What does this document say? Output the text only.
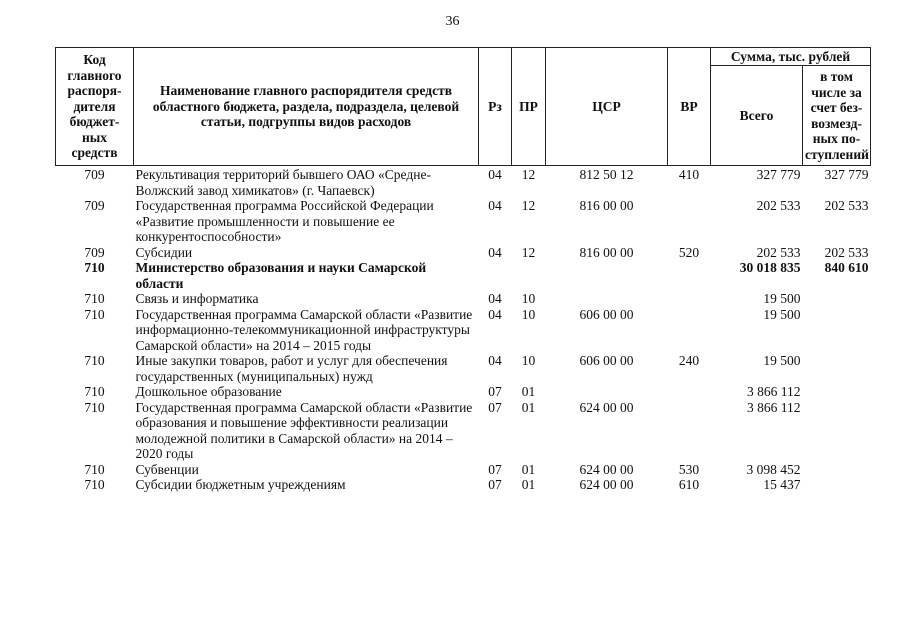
36
Код главного распоря-дителя бюджет-ных средств	Наименование главного распорядителя средств областного бюджета, раздела, подраздела, целевой статьи, подгруппы видов расходов	Рз	ПР	ЦСР	ВР	Сумма, тыс. рублей	
						Всего	в том числе за счет без-возмезд-ных по-ступлений
709	Рекультивация территорий бывшего ОАО «Средне-Волжский завод химикатов» (г. Чапаевск)	04	12	812 50 12	410	327 779	327 779
709	Государственная программа Российской Федерации «Развитие промышленности и повышение ее конкурентоспособности»	04	12	816 00 00		202 533	202 533
709	Субсидии	04	12	816 00 00	520	202 533	202 533
710	Министерство образования и науки Самарской области					30 018 835	840 610
710	Связь и информатика	04	10			19 500	
710	Государственная программа Самарской области «Развитие информационно-телекоммуникационной инфраструктуры Самарской области» на 2014 – 2015 годы	04	10	606 00 00		19 500	
710	Иные закупки товаров, работ и услуг для обеспечения государственных (муниципальных) нужд	04	10	606 00 00	240	19 500	
710	Дошкольное образование	07	01			3 866 112	
710	Государственная программа Самарской области «Развитие образования и повышение эффективности реализации молодежной политики в Самарской области» на 2014 – 2020 годы	07	01	624 00 00		3 866 112	
710	Субвенции	07	01	624 00 00	530	3 098 452	
710	Субсидии бюджетным учреждениям	07	01	624 00 00	610	15 437	
